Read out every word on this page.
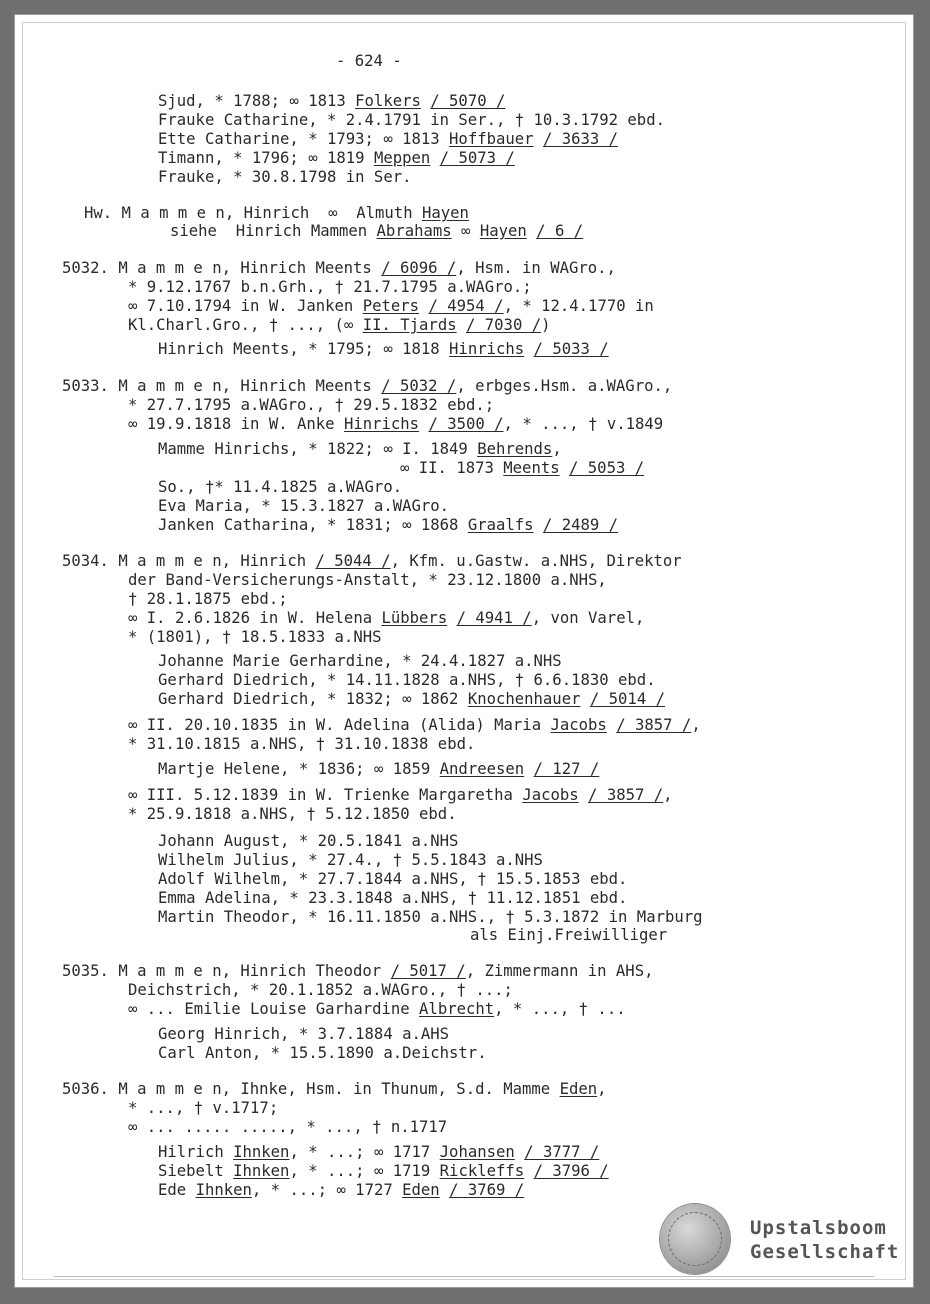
- 624 -
Sjud, * 1788; ∞ 1813 Folkers / 5070 /
Frauke Catharine, * 2.4.1791 in Ser., † 10.3.1792 ebd.
Ette Catharine, * 1793; ∞ 1813 Hoffbauer / 3633 /
Timann, * 1796; ∞ 1819 Meppen / 5073 /
Frauke, * 30.8.1798 in Ser.
Hw. M a m m e n, Hinrich  ∞  Almuth Hayen
siehe  Hinrich Mammen Abrahams ∞ Hayen / 6 /
5032. M a m m e n, Hinrich Meents / 6096 /, Hsm. in WAGro.,
* 9.12.1767 b.n.Grh., † 21.7.1795 a.WAGro.;
∞ 7.10.1794 in W. Janken Peters / 4954 /, * 12.4.1770 in
Kl.Charl.Gro., † ..., (∞ II. Tjards / 7030 /)
Hinrich Meents, * 1795; ∞ 1818 Hinrichs / 5033 /
5033. M a m m e n, Hinrich Meents / 5032 /, erbges.Hsm. a.WAGro.,
* 27.7.1795 a.WAGro., † 29.5.1832 ebd.;
∞ 19.9.1818 in W. Anke Hinrichs / 3500 /, * ..., † v.1849
Mamme Hinrichs, * 1822; ∞ I. 1849 Behrends,
∞ II. 1873 Meents / 5053 /
So., †* 11.4.1825 a.WAGro.
Eva Maria, * 15.3.1827 a.WAGro.
Janken Catharina, * 1831; ∞ 1868 Graalfs / 2489 /
5034. M a m m e n, Hinrich / 5044 /, Kfm. u.Gastw. a.NHS, Direktor
der Band-Versicherungs-Anstalt, * 23.12.1800 a.NHS,
† 28.1.1875 ebd.;
∞ I. 2.6.1826 in W. Helena Lübbers / 4941 /, von Varel,
* (1801), † 18.5.1833 a.NHS
Johanne Marie Gerhardine, * 24.4.1827 a.NHS
Gerhard Diedrich, * 14.11.1828 a.NHS, † 6.6.1830 ebd.
Gerhard Diedrich, * 1832; ∞ 1862 Knochenhauer / 5014 /
∞ II. 20.10.1835 in W. Adelina (Alida) Maria Jacobs / 3857 /,
* 31.10.1815 a.NHS, † 31.10.1838 ebd.
Martje Helene, * 1836; ∞ 1859 Andreesen / 127 /
∞ III. 5.12.1839 in W. Trienke Margaretha Jacobs / 3857 /,
* 25.9.1818 a.NHS, † 5.12.1850 ebd.
Johann August, * 20.5.1841 a.NHS
Wilhelm Julius, * 27.4., † 5.5.1843 a.NHS
Adolf Wilhelm, * 27.7.1844 a.NHS, † 15.5.1853 ebd.
Emma Adelina, * 23.3.1848 a.NHS, † 11.12.1851 ebd.
Martin Theodor, * 16.11.1850 a.NHS., † 5.3.1872 in Marburg
als Einj.Freiwilliger
5035. M a m m e n, Hinrich Theodor / 5017 /, Zimmermann in AHS,
Deichstrich, * 20.1.1852 a.WAGro., † ...;
∞ ... Emilie Louise Garhardine Albrecht, * ..., † ...
Georg Hinrich, * 3.7.1884 a.AHS
Carl Anton, * 15.5.1890 a.Deichstr.
5036. M a m m e n, Ihnke, Hsm. in Thunum, S.d. Mamme Eden,
* ..., † v.1717;
∞ ... ..... ....., * ..., † n.1717
Hilrich Ihnken, * ...; ∞ 1717 Johansen / 3777 /
Siebelt Ihnken, * ...; ∞ 1719 Rickleffs / 3796 /
Ede Ihnken, * ...; ∞ 1727 Eden / 3769 /
Upstalsboom
Gesellschaft
